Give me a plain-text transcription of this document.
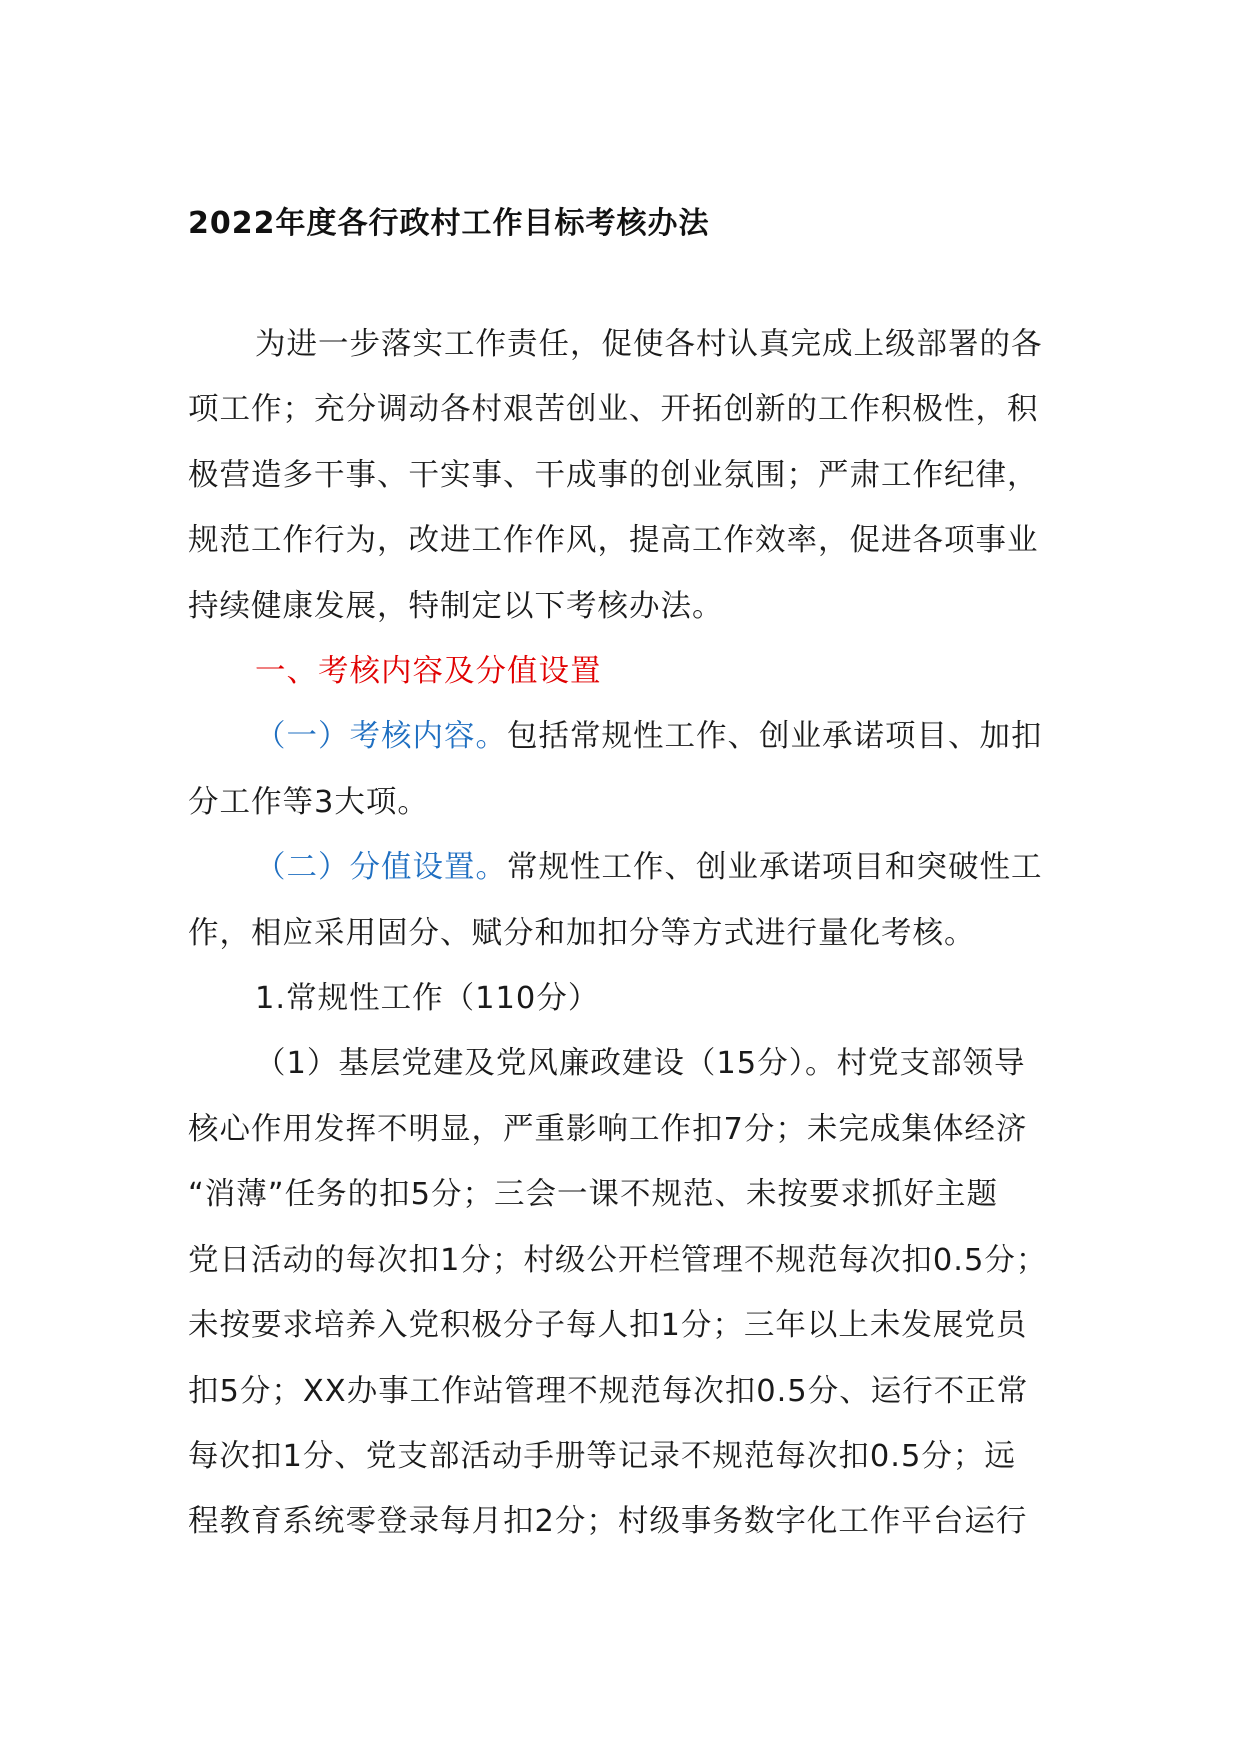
2022年度各行政村工作目标考核办法

为进一步落实工作责任，促使各村认真完成上级部署的各
项工作；充分调动各村艰苦创业、开拓创新的工作积极性，积
极营造多干事、干实事、干成事的创业氛围；严肃工作纪律，
规范工作行为，改进工作作风，提高工作效率，促进各项事业
持续健康发展，特制定以下考核办法。

一、考核内容及分值设置

（一）考核内容。包括常规性工作、创业承诺项目、加扣
分工作等3大项。

（二）分值设置。常规性工作、创业承诺项目和突破性工
作，相应采用固分、赋分和加扣分等方式进行量化考核。

1.常规性工作（110分）

（1）基层党建及党风廉政建设（15分）。村党支部领导
核心作用发挥不明显，严重影响工作扣7分；未完成集体经济
“消薄”任务的扣5分；三会一课不规范、未按要求抓好主题
党日活动的每次扣1分；村级公开栏管理不规范每次扣0.5分；
未按要求培养入党积极分子每人扣1分；三年以上未发展党员
扣5分；XX办事工作站管理不规范每次扣0.5分、运行不正常
每次扣1分、党支部活动手册等记录不规范每次扣0.5分；远
程教育系统零登录每月扣2分；村级事务数字化工作平台运行
